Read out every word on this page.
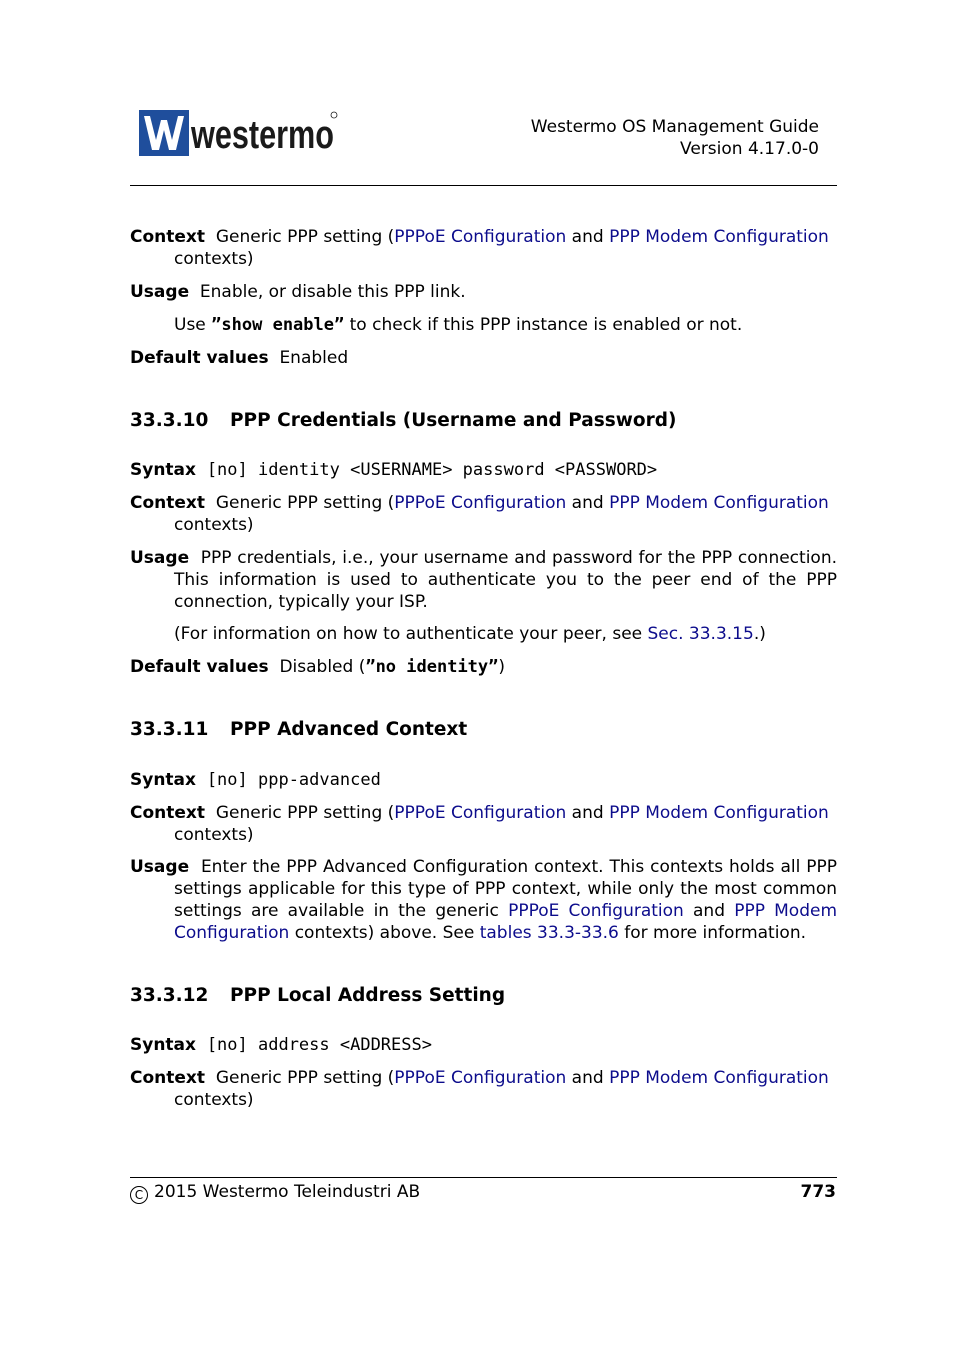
westermo	Westermo OS Management Guide
Version 4.17.0-0
Context Generic PPP setting (PPPoE Configuration and PPP Modem Configuration
contexts)
Usage Enable, or disable this PPP link.
Use ”show enable” to check if this PPP instance is enabled or not.
Default values Enabled
33.3.10 PPP Credentials (Username and Password)
Syntax [no] identity <USERNAME> password <PASSWORD>
Context Generic PPP setting (PPPoE Configuration and PPP Modem Configuration
contexts)
Usage PPP credentials, i.e., your username and password for the PPP connection. This information is used to authenticate you to the peer end of the PPP connection, typically your ISP.
(For information on how to authenticate your peer, see Sec. 33.3.15.)
Default values Disabled (”no identity”)
33.3.11 PPP Advanced Context
Syntax [no] ppp-advanced
Context Generic PPP setting (PPPoE Configuration and PPP Modem Configuration
contexts)
Usage Enter the PPP Advanced Configuration context. This contexts holds all PPP settings applicable for this type of PPP context, while only the most common settings are available in the generic PPPoE Configuration and PPP Modem Configuration contexts) above. See tables 33.3-33.6 for more information.
33.3.12 PPP Local Address Setting
Syntax [no] address <ADDRESS>
Context Generic PPP setting (PPPoE Configuration and PPP Modem Configuration
contexts)
C 2015 Westermo Teleindustri AB	773
